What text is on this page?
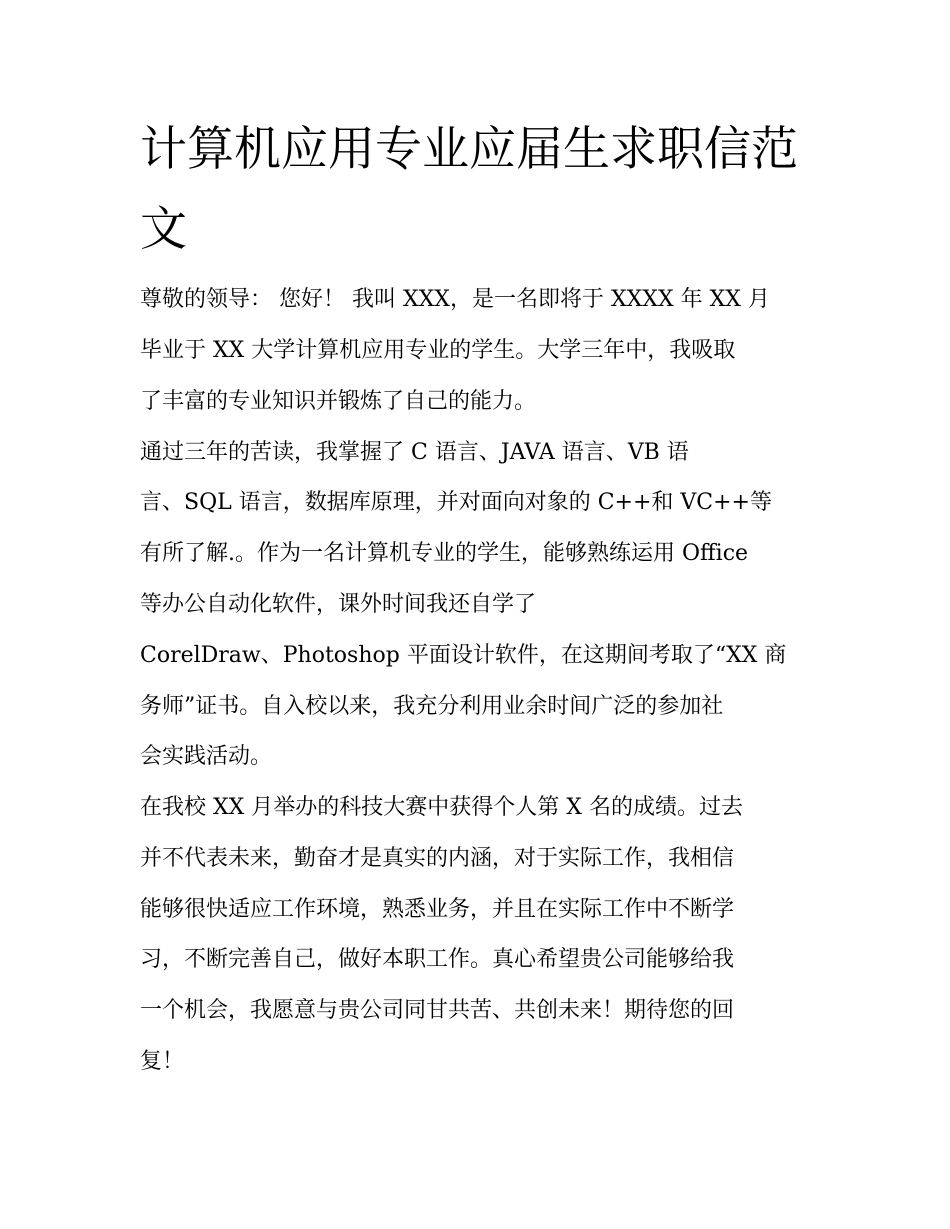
计算机应用专业应届生求职信范文

尊敬的领导： 您好！ 我叫 XXX，是一名即将于 XXXX 年 XX 月

毕业于 XX 大学计算机应用专业的学生。大学三年中，我吸取

了丰富的专业知识并锻炼了自己的能力。

通过三年的苦读，我掌握了 C 语言、JAVA 语言、VB 语

言、SQL 语言，数据库原理，并对面向对象的 C++和 VC++等

有所了解.。作为一名计算机专业的学生，能够熟练运用 Office

等办公自动化软件，课外时间我还自学了

CorelDraw、Photoshop 平面设计软件，在这期间考取了“XX 商

务师”证书。自入校以来，我充分利用业余时间广泛的参加社

会实践活动。

在我校 XX 月举办的科技大赛中获得个人第 X 名的成绩。过去

并不代表未来，勤奋才是真实的内涵，对于实际工作，我相信

能够很快适应工作环境，熟悉业务，并且在实际工作中不断学

习，不断完善自己，做好本职工作。真心希望贵公司能够给我

一个机会，我愿意与贵公司同甘共苦、共创未来！期待您的回

复！
